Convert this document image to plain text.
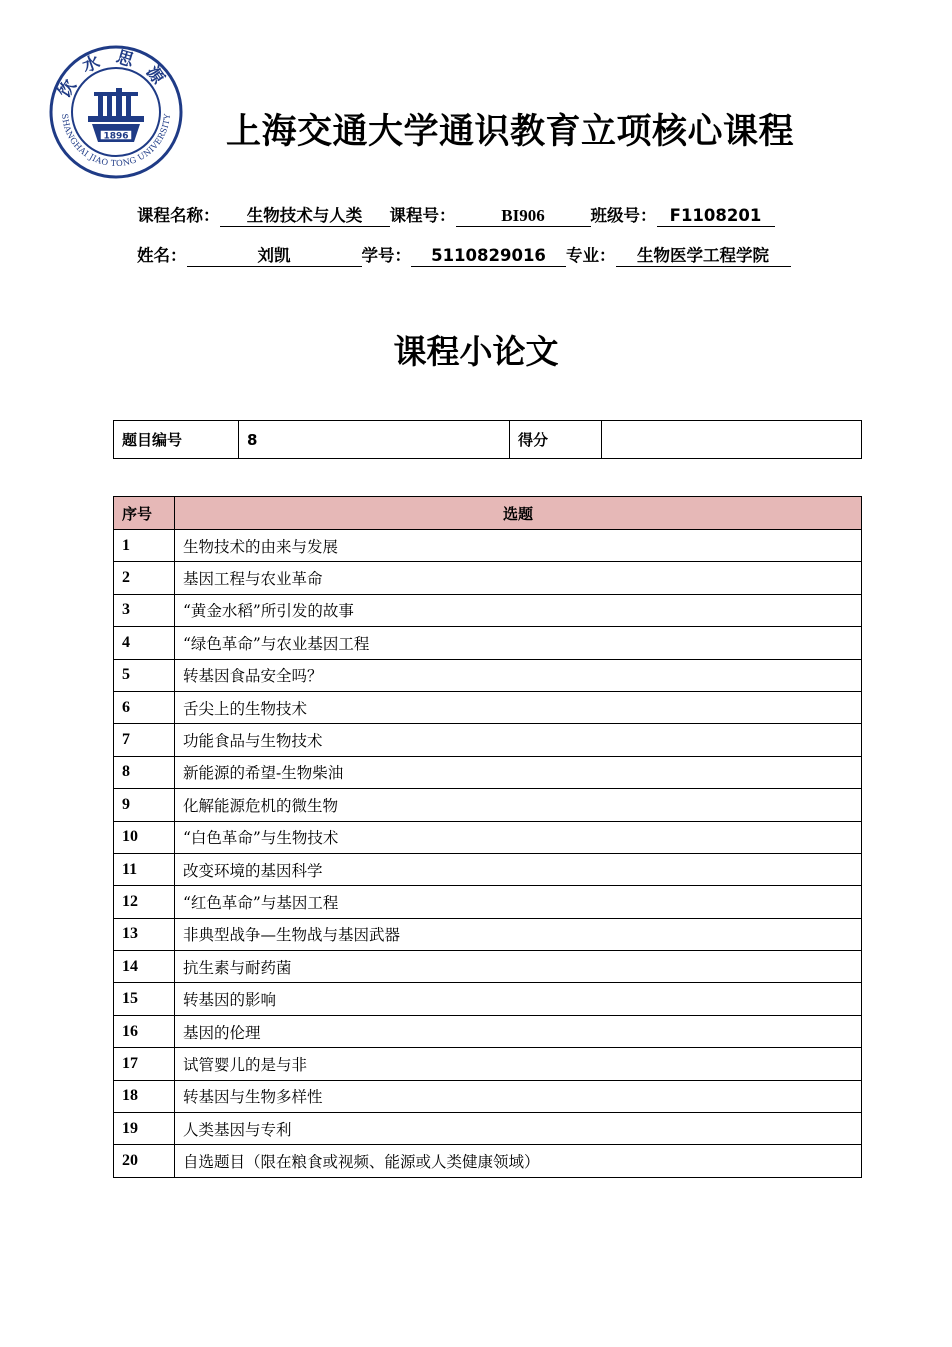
饮水思源
SHANGHAI JIAO TONG UNIVERSITY
1896	上海交通大学通识教育立项核心课程
课程名称： 生物技术与人类 课程号：	BI906	班级号： F1108201
姓名：	刘凯	学号： 5110829016 专业： 生物医学工程学院
课程小论文
题目编号	8	得分	
序号	选题
1	生物技术的由来与发展
2	基因工程与农业革命
3	“黄金水稻”所引发的故事
4	“绿色革命”与农业基因工程
5	转基因食品安全吗？
6	舌尖上的生物技术
7	功能食品与生物技术
8	新能源的希望-生物柴油
9	化解能源危机的微生物
10	“白色革命”与生物技术
11	改变环境的基因科学
12	“红色革命”与基因工程
13	非典型战争—生物战与基因武器
14	抗生素与耐药菌
15	转基因的影响
16	基因的伦理
17	试管婴儿的是与非
18	转基因与生物多样性
19	人类基因与专利
20	自选题目（限在粮食或视频、能源或人类健康领域）
